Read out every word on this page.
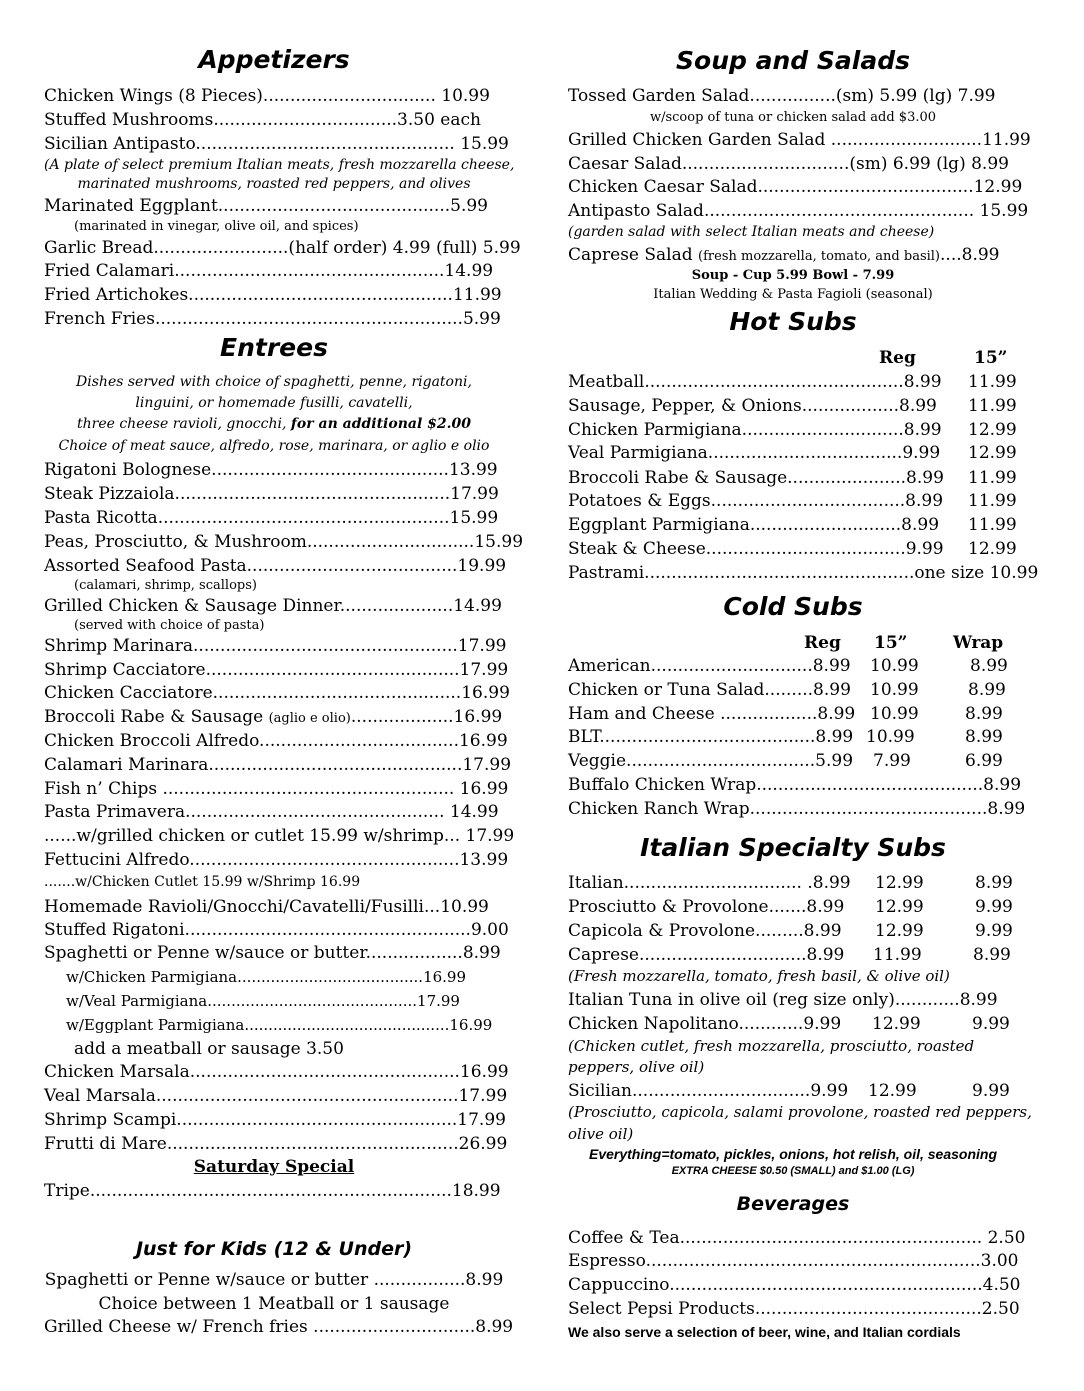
Appetizers
Chicken Wings (8 Pieces)................................ 10.99
Stuffed Mushrooms..................................3.50 each
Sicilian Antipasto................................................ 15.99
(A plate of select premium Italian meats, fresh mozzarella cheese,
marinated mushrooms, roasted red peppers, and olives
Marinated Eggplant...........................................5.99
(marinated in vinegar, olive oil, and spices)
Garlic Bread.........................(half order) 4.99 (full) 5.99
Fried Calamari..................................................14.99
Fried Artichokes.................................................11.99
French Fries.........................................................5.99
Entrees
Dishes served with choice of spaghetti, penne, rigatoni,
linguini, or homemade fusilli, cavatelli,
three cheese ravioli, gnocchi, for an additional $2.00
Choice of meat sauce, alfredo, rose, marinara, or aglio e olio
Rigatoni Bolognese............................................13.99
Steak Pizzaiola...................................................17.99
Pasta Ricotta......................................................15.99
Peas, Prosciutto, & Mushroom...............................15.99
Assorted Seafood Pasta.......................................19.99
(calamari, shrimp, scallops)
Grilled Chicken & Sausage Dinner.....................14.99
(served with choice of pasta)
Shrimp Marinara.................................................17.99
Shrimp Cacciatore...............................................17.99
Chicken Cacciatore..............................................16.99
Broccoli Rabe & Sausage (aglio e olio)...................16.99
Chicken Broccoli Alfredo.....................................16.99
Calamari Marinara...............................................17.99
Fish n’ Chips ...................................................... 16.99
Pasta Primavera................................................ 14.99
......w/grilled chicken or cutlet 15.99 w/shrimp... 17.99
Fettucini Alfredo..................................................13.99
.......w/Chicken Cutlet 15.99 w/Shrimp 16.99
Homemade Ravioli/Gnocchi/Cavatelli/Fusilli...10.99
Stuffed Rigatoni.....................................................9.00
Spaghetti or Penne w/sauce or butter..................8.99
w/Chicken Parmigiana.......................................16.99
w/Veal Parmigiana............................................17.99
w/Eggplant Parmigiana...........................................16.99
add a meatball or sausage 3.50
Chicken Marsala..................................................16.99
Veal Marsala........................................................17.99
Shrimp Scampi....................................................17.99
Frutti di Mare......................................................26.99
Saturday Special
Tripe...................................................................18.99
Just for Kids (12 & Under)
Spaghetti or Penne w/sauce or butter .................8.99
Choice between 1 Meatball or 1 sausage
Grilled Cheese w/ French fries ..............................8.99
Soup and Salads
Tossed Garden Salad................(sm) 5.99 (lg) 7.99
w/scoop of tuna or chicken salad add $3.00
Grilled Chicken Garden Salad ............................11.99
Caesar Salad...............................(sm) 6.99 (lg) 8.99
Chicken Caesar Salad........................................12.99
Antipasto Salad.................................................. 15.99
(garden salad with select Italian meats and cheese)
Caprese Salad (fresh mozzarella, tomato, and basil)....8.99
Soup - Cup 5.99 Bowl - 7.99
Italian Wedding & Pasta Fagioli (seasonal)
Hot Subs
Reg	15”
Meatball................................................8.99 11.99
Sausage, Pepper, & Onions..................8.99 11.99
Chicken Parmigiana..............................8.99 12.99
Veal Parmigiana....................................9.99 12.99
Broccoli Rabe & Sausage......................8.99 11.99
Potatoes & Eggs....................................8.99 11.99
Eggplant Parmigiana............................8.99 11.99
Steak & Cheese.....................................9.99 12.99
Pastrami..................................................one size 10.99
Cold Subs
Reg 15”	Wrap
American..............................8.99 10.99	8.99
Chicken or Tuna Salad.........8.99 10.99	8.99
Ham and Cheese ..................8.99 10.99	8.99
BLT........................................8.99 10.99	8.99
Veggie...................................5.99 7.99	6.99
Buffalo Chicken Wrap..........................................8.99
Chicken Ranch Wrap............................................8.99
Italian Specialty Subs
Italian................................. .8.99 12.99	8.99
Prosciutto & Provolone.......8.99 12.99	9.99
Capicola & Provolone.........8.99 12.99	9.99
Caprese...............................8.99 11.99	8.99
(Fresh mozzarella, tomato, fresh basil, & olive oil)
Italian Tuna in olive oil (reg size only)............8.99
Chicken Napolitano............9.99 12.99	9.99
(Chicken cutlet, fresh mozzarella, prosciutto, roasted
peppers, olive oil)
Sicilian.................................9.99 12.99	9.99
(Prosciutto, capicola, salami provolone, roasted red peppers,
olive oil)
Everything=tomato, pickles, onions, hot relish, oil, seasoning
EXTRA CHEESE $0.50 (SMALL) and $1.00 (LG)
Beverages
Coffee & Tea........................................................ 2.50
Espresso..............................................................3.00
Cappuccino..........................................................4.50
Select Pepsi Products..........................................2.50
We also serve a selection of beer, wine, and Italian cordials
